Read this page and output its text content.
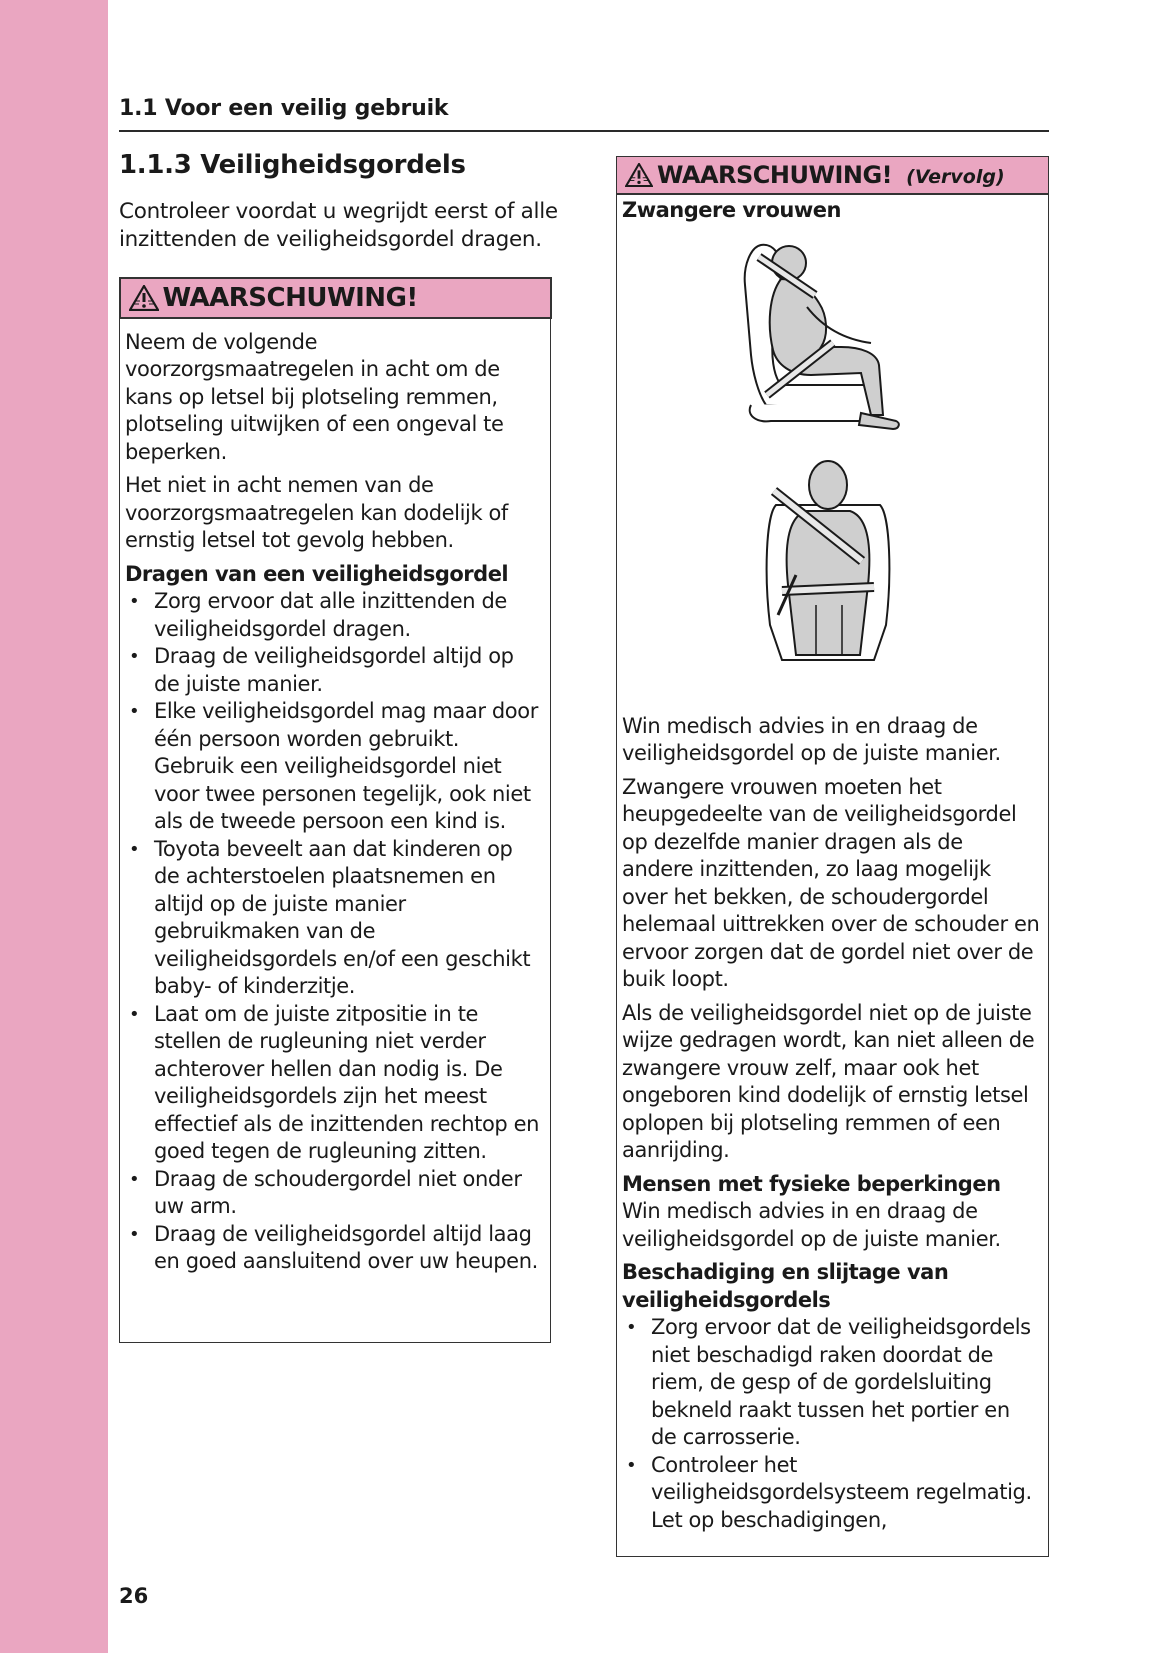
1.1 Voor een veilig gebruik
1.1.3 Veiligheidsgordels
Controleer voordat u wegrijdt eerst of alle inzittenden de veiligheidsgordel dragen.
WAARSCHUWING!

Neem de volgende voorzorgsmaatregelen in acht om de kans op letsel bij plotseling remmen, plotseling uitwijken of een ongeval te beperken.

Het niet in acht nemen van de voorzorgsmaatregelen kan dodelijk of ernstig letsel tot gevolg hebben.

Dragen van een veiligheidsgordel
• Zorg ervoor dat alle inzittenden de veiligheidsgordel dragen.
• Draag de veiligheidsgordel altijd op de juiste manier.
• Elke veiligheidsgordel mag maar door één persoon worden gebruikt. Gebruik een veiligheidsgordel niet voor twee personen tegelijk, ook niet als de tweede persoon een kind is.
• Toyota beveelt aan dat kinderen op de achterstoelen plaatsnemen en altijd op de juiste manier gebruikmaken van de veiligheidsgordels en/of een geschikt baby- of kinderzitje.
• Laat om de juiste zitpositie in te stellen de rugleuning niet verder achterover hellen dan nodig is. De veiligheidsgordels zijn het meest effectief als de inzittenden rechtop en goed tegen de rugleuning zitten.
• Draag de schoudergordel niet onder uw arm.
• Draag de veiligheidsgordel altijd laag en goed aansluitend over uw heupen.
WAARSCHUWING! (Vervolg)
Zwangere vrouwen

Win medisch advies in en draag de veiligheidsgordel op de juiste manier.

Zwangere vrouwen moeten het heupgedeelte van de veiligheidsgordel op dezelfde manier dragen als de andere inzittenden, zo laag mogelijk over het bekken, de schoudergordel helemaal uittrekken over de schouder en ervoor zorgen dat de gordel niet over de buik loopt.

Als de veiligheidsgordel niet op de juiste wijze gedragen wordt, kan niet alleen de zwangere vrouw zelf, maar ook het ongeboren kind dodelijk of ernstig letsel oplopen bij plotseling remmen of een aanrijding.

Mensen met fysieke beperkingen

Win medisch advies in en draag de veiligheidsgordel op de juiste manier.

Beschadiging en slijtage van veiligheidsgordels
• Zorg ervoor dat de veiligheidsgordels niet beschadigd raken doordat de riem, de gesp of de gordelsluiting bekneld raakt tussen het portier en de carrosserie.
• Controleer het veiligheidsgordelsysteem regelmatig. Let op beschadigingen,
26
